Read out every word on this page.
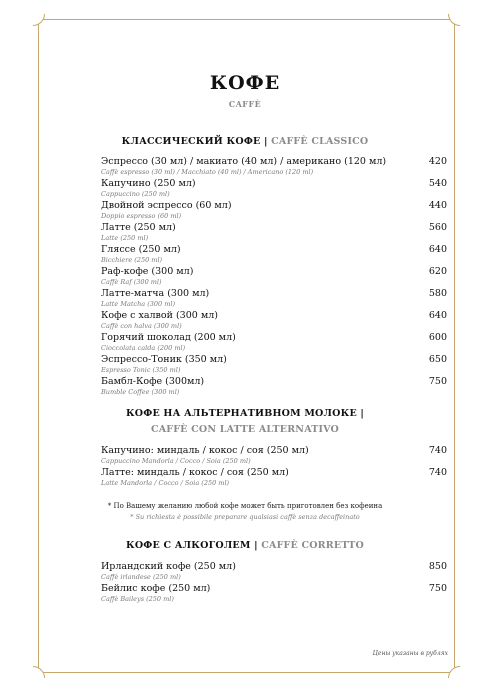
КОФЕ
CAFFÈ
КЛАССИЧЕСКИЙ КОФЕ | CAFFÈ CLASSICO
Эспрессо (30 мл) / макиато (40 мл) / американо (120 мл)
Caffè espresso (30 ml) / Macchiato (40 ml) / Americano (120 ml)
420
Капучино (250 мл)
Cappuccino (250 ml)
540
Двойной эспрессо (60 мл)
Doppio espresso (60 ml)
440
Латте (250 мл)
Latte (250 ml)
560
Гляссе (250 мл)
Bicchiere (250 ml)
640
Раф-кофе (300 мл)
Caffè Raf (300 ml)
620
Латте-матча (300 мл)
Latte Matcha (300 ml)
580
Кофе с халвой (300 мл)
Caffè con halva (300 ml)
640
Горячий шоколад (200 мл)
Cioccolata calda (200 ml)
600
Эспрессо-Тоник (350 мл)
Espresso Tonic (350 ml)
650
Бамбл-Кофе (300мл)
Bumble Coffee (300 ml)
750
КОФЕ НА АЛЬТЕРНАТИВНОМ МОЛОКЕ |
CAFFÈ CON LATTE ALTERNATIVO
Капучино: миндаль / кокос / соя (250 мл)
Cappuccino Mandorla / Cocco / Soia (250 ml)
740
Латте: миндаль / кокос / соя (250 мл)
Latte Mandorla / Cocco / Soia (250 ml)
740
* По Вашему желанию любой кофе может быть приготовлен без кофеина
* Su richiesta è possibile preparare qualsiasi caffè senza decaffeinato
КОФЕ С АЛКОГОЛЕМ | CAFFÈ CORRETTO
Ирландский кофе (250 мл)
Caffè irlandese (250 ml)
850
Бейлис кофе (250 мл)
Caffè Baileys (250 ml)
750
Цены указаны в рублях
